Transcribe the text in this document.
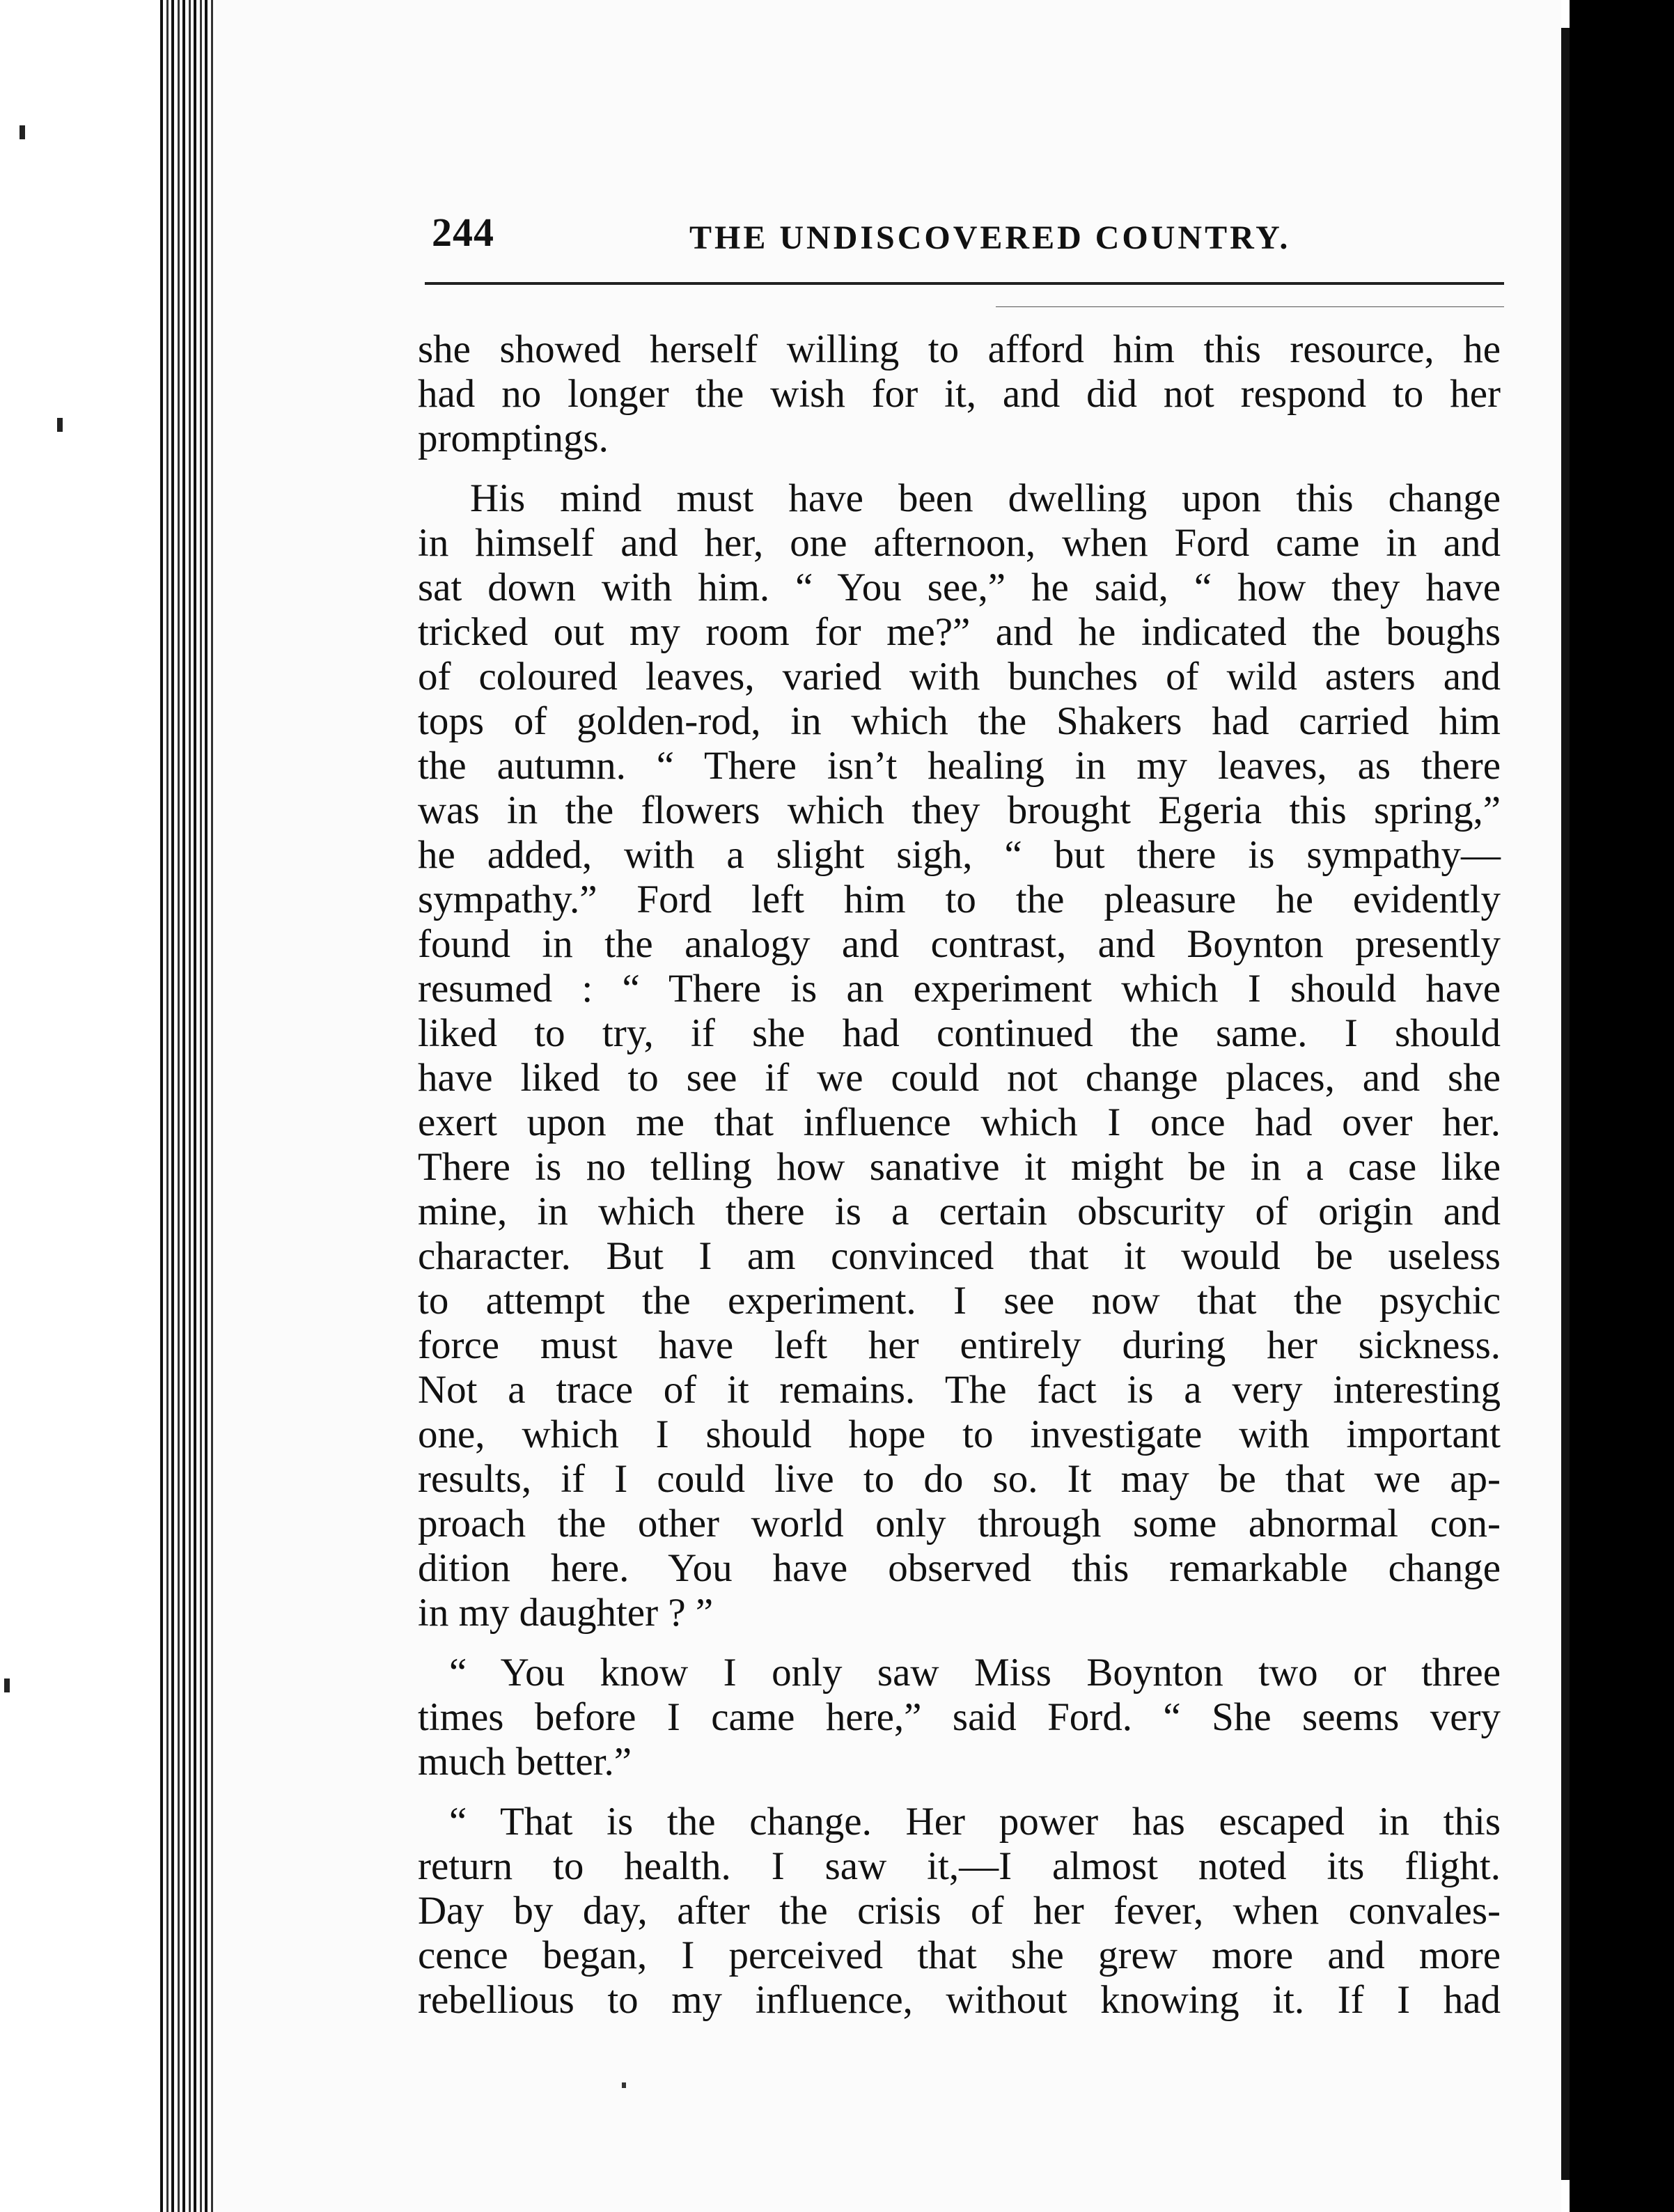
244	THE UNDISCOVERED COUNTRY.
she showed herself willing to afford him this resource, he
had no longer the wish for it, and did not respond to her
promptings.
His mind must have been dwelling upon this change
in himself and her, one afternoon, when Ford came in and
sat down with him. “ You see,” he said, “ how they have
tricked out my room for me?” and he indicated the boughs
of coloured leaves, varied with bunches of wild asters and
tops of golden-rod, in which the Shakers had carried him
the autumn. “ There isn’t healing in my leaves, as there
was in the flowers which they brought Egeria this spring,”
he added, with a slight sigh, “ but there is sympathy—
sympathy.” Ford left him to the pleasure he evidently
found in the analogy and contrast, and Boynton presently
resumed : “ There is an experiment which I should have
liked to try, if she had continued the same. I should
have liked to see if we could not change places, and she
exert upon me that influence which I once had over her.
There is no telling how sanative it might be in a case like
mine, in which there is a certain obscurity of origin and
character. But I am convinced that it would be useless
to attempt the experiment. I see now that the psychic
force must have left her entirely during her sickness.
Not a trace of it remains. The fact is a very interesting
one, which I should hope to investigate with important
results, if I could live to do so. It may be that we ap-
proach the other world only through some abnormal con-
dition here. You have observed this remarkable change
in my daughter ? ”
“ You know I only saw Miss Boynton two or three
times before I came here,” said Ford. “ She seems very
much better.”
“ That is the change. Her power has escaped in this
return to health. I saw it,—I almost noted its flight.
Day by day, after the crisis of her fever, when convales-
cence began, I perceived that she grew more and more
rebellious to my influence, without knowing it. If I had
